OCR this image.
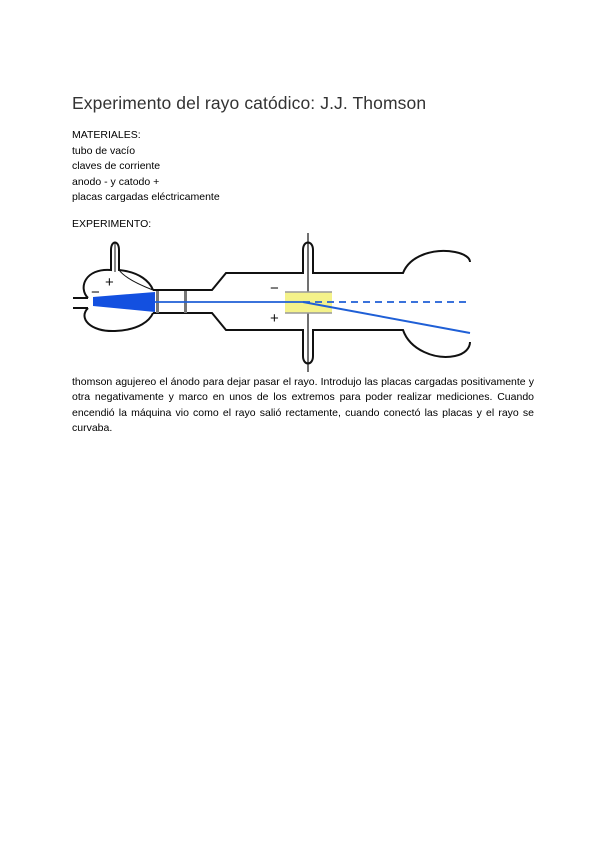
Experimento del rayo catódico: J.J. Thomson
MATERIALES:
tubo de vacío
claves de corriente
anodo - y catodo +
placas cargadas eléctricamente
EXPERIMENTO:
−
+	−
+
thomson agujereo el ánodo para dejar pasar el rayo. Introdujo las placas cargadas positivamente y otra negativamente y marco en unos de los extremos para poder realizar mediciones. Cuando encendió la máquina vio como el rayo salió rectamente, cuando conectó las placas y el rayo se curvaba.
